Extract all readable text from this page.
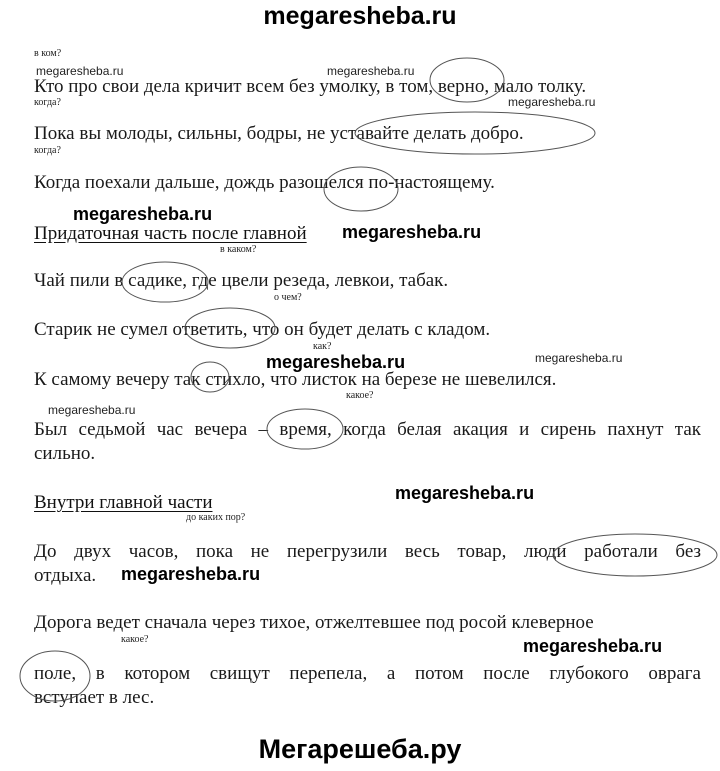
megaresheba.ru
в ком?
megaresheba.ru	megaresheba.ru
Кто про свои дела кричит всем без умолку, в том, верно, мало толку.
когда?	megaresheba.ru
Пока вы молоды, сильны, бодры, не уставайте делать добро.
когда?
Когда поехали дальше, дождь разошелся по-настоящему.
megaresheba.ru
Придаточная часть после главной megaresheba.ru
в каком?
Чай пили в садике, где цвели резеда, левкои, табак.
о чем?
Старик не сумел ответить, что он будет делать с кладом.
как?
megaresheba.ru	megaresheba.ru
К самому вечеру так стихло, что листок на березе не шевелился.
какое?
megaresheba.ru
Был седьмой час вечера – время, когда белая акация и сирень пахнут так
сильно.
megaresheba.ru
Внутри главной части
до каких пор?
До двух часов, пока не перегрузили весь товар, люди работали без
отдыха. megaresheba.ru
Дорога ведет сначала через тихое, отжелтевшее под росой клеверное
какое?	megaresheba.ru
поле, в котором свищут перепела, а потом после глубокого оврага
вступает в лес.
Мегарешеба.ру
